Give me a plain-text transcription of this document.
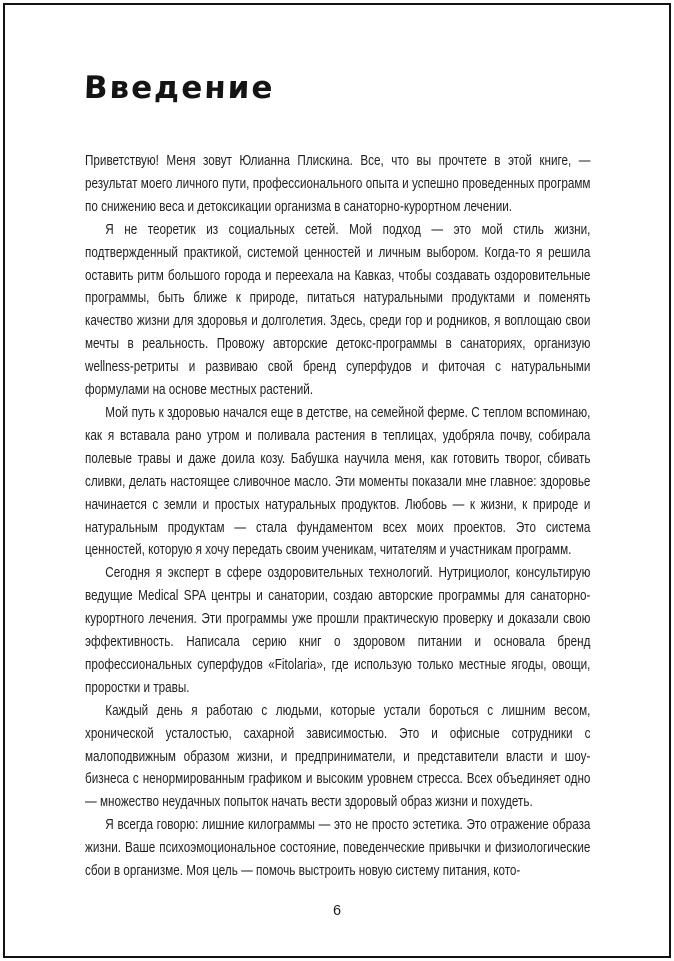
Введение

Приветствую! Меня зовут Юлианна Плискина. Все, что вы прочтете в этой книге, — результат моего личного пути, профессионального опыта и успешно проведенных программ по снижению веса и детоксикации организма в санаторно-курортном лечении.

Я не теоретик из социальных сетей. Мой подход — это мой стиль жизни, подтвержденный практикой, системой ценностей и личным выбором. Когда-то я решила оставить ритм большого города и переехала на Кавказ, чтобы создавать оздоровительные программы, быть ближе к природе, питаться натуральными продуктами и поменять качество жизни для здоровья и долголетия. Здесь, среди гор и родников, я воплощаю свои мечты в реальность. Провожу авторские детокс-программы в санаториях, организую wellness-ретриты и развиваю свой бренд суперфудов и фиточая с натуральными формулами на основе местных растений.

Мой путь к здоровью начался еще в детстве, на семейной ферме. С теплом вспоминаю, как я вставала рано утром и поливала растения в теплицах, удобряла почву, собирала полевые травы и даже доила козу. Бабушка научила меня, как готовить творог, сбивать сливки, делать настоящее сливочное масло. Эти моменты показали мне главное: здоровье начинается с земли и простых натуральных продуктов. Любовь — к жизни, к природе и натуральным продуктам — стала фундаментом всех моих проектов. Это система ценностей, которую я хочу передать своим ученикам, читателям и участникам программ.

Сегодня я эксперт в сфере оздоровительных технологий. Нутрициолог, консультирую ведущие Medical SPA центры и санатории, создаю авторские программы для санаторно-курортного лечения. Эти программы уже прошли практическую проверку и доказали свою эффективность. Написала серию книг о здоровом питании и основала бренд профессиональных суперфудов «Fitolaria», где использую только местные ягоды, овощи, проростки и травы.

Каждый день я работаю с людьми, которые устали бороться с лишним весом, хронической усталостью, сахарной зависимостью. Это и офисные сотрудники с малоподвижным образом жизни, и предприниматели, и представители власти и шоу-бизнеса с ненормированным графиком и высоким уровнем стресса. Всех объединяет одно — множество неудачных попыток начать вести здоровый образ жизни и похудеть.

Я всегда говорю: лишние килограммы — это не просто эстетика. Это отражение образа жизни. Ваше психоэмоциональное состояние, поведенческие привычки и физиологические сбои в организме. Моя цель — помочь выстроить новую систему питания, кото-

6
